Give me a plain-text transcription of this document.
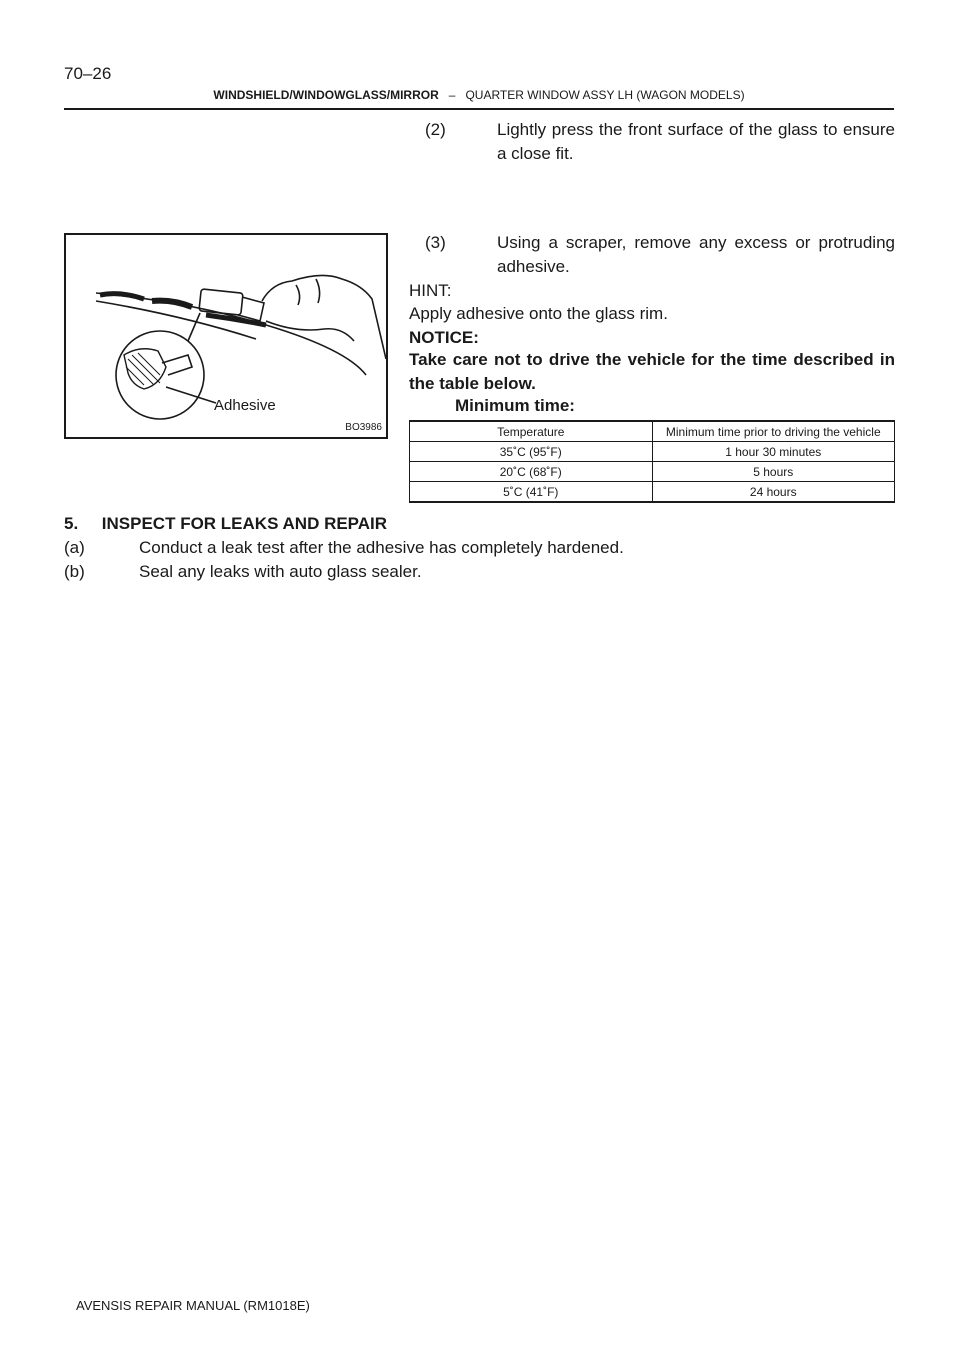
70–26
WINDSHIELD/WINDOWGLASS/MIRROR – QUARTER WINDOW ASSY LH (WAGON MODELS)
(2)	Lightly press the front surface of the glass to ensure a close fit.
Adhesive
BO3986
(3)	Using a scraper, remove any excess or protruding adhesive.
HINT:
Apply adhesive onto the glass rim.
NOTICE:
Take care not to drive the vehicle for the time described in the table below.
Minimum time:
Temperature	Minimum time prior to driving the vehicle
35˚C (95˚F)	1 hour 30 minutes
20˚C (68˚F)	5 hours
5˚C (41˚F)	24 hours
5.     INSPECT FOR LEAKS AND REPAIR
(a)	Conduct a leak test after the adhesive has completely hardened.
(b)	Seal any leaks with auto glass sealer.
AVENSIS REPAIR MANUAL (RM1018E)
